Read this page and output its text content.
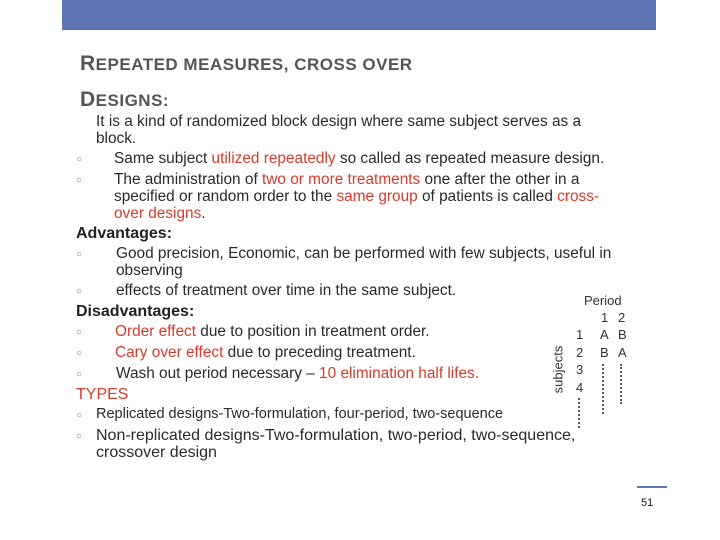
REPEATED MEASURES, CROSS OVER
DESIGNS:
It is a kind of randomized block design where same subject serves as a block.
○
Same subject utilized repeatedly so called as repeated measure design.
○
The administration of two or more treatments one after the other in a specified or random order to the same group of patients is called cross-over designs.
Advantages:
○
Good precision, Economic, can be performed with few subjects, useful in observing
○
effects of treatment over time in the same subject.
Disadvantages:
○
Order effect due to position in treatment order.
○
Cary over effect due to preceding treatment.
○
Wash out period necessary – 10 elimination half lifes.
TYPES
○
Replicated designs-Two-formulation, four-period, two-sequence
○
Non-replicated designs-Two-formulation, two-period, two-sequence, crossover design
Period
1 2
subjects
1 A B
2 B A
3
4
51
